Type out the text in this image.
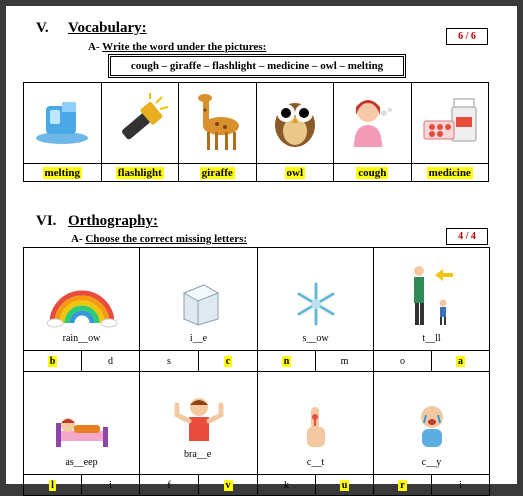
V. Vocabulary:
6 / 6
A- Write the word under the pictures:
cough – giraffe – flashlight – medicine – owl – melting

melting	flashlight	giraffe	owl	cough	medicine
VI. Orthography:
4 / 4
A- Choose the correct missing letters:
rain__ow		i__e		s__ow		t__ll	

b	d	s	c	n	m	o	a

as__eep		bra__e		c__t		c__y	

l	i	f	v	k	u	r	i
